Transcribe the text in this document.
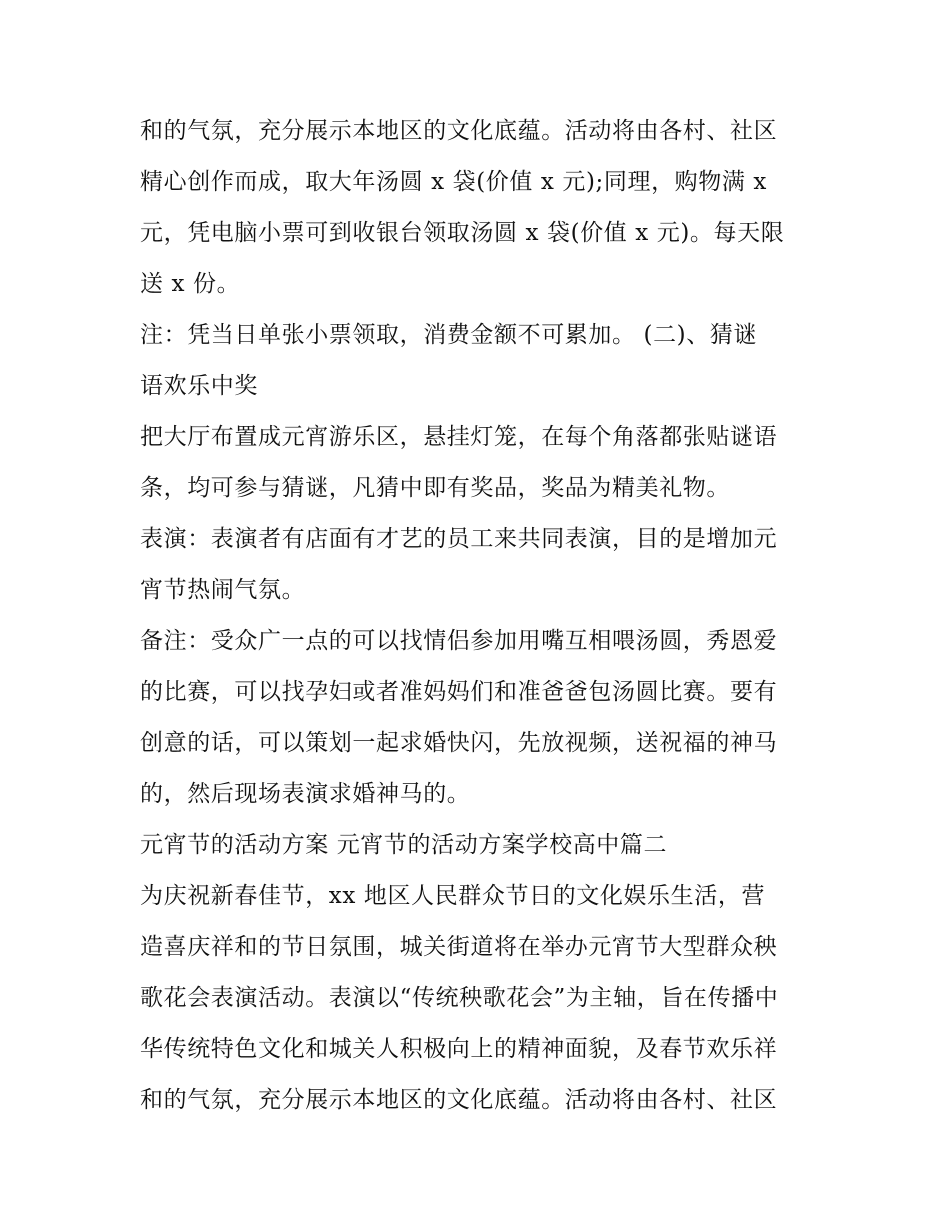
和的气氛，充分展示本地区的文化底蕴。活动将由各村、社区
精心创作而成，取大年汤圆 x 袋(价值 x 元);同理，购物满 x
元，凭电脑小票可到收银台领取汤圆 x 袋(价值 x 元)。每天限
送 x 份。
注：凭当日单张小票领取，消费金额不可累加。 (二)、猜谜
语欢乐中奖
把大厅布置成元宵游乐区，悬挂灯笼，在每个角落都张贴谜语
条，均可参与猜谜，凡猜中即有奖品，奖品为精美礼物。
表演：表演者有店面有才艺的员工来共同表演，目的是增加元
宵节热闹气氛。
备注：受众广一点的可以找情侣参加用嘴互相喂汤圆，秀恩爱
的比赛，可以找孕妇或者准妈妈们和准爸爸包汤圆比赛。要有
创意的话，可以策划一起求婚快闪，先放视频，送祝福的神马
的，然后现场表演求婚神马的。
元宵节的活动方案 元宵节的活动方案学校高中篇二
为庆祝新春佳节，xx 地区人民群众节日的文化娱乐生活，营
造喜庆祥和的节日氛围，城关街道将在举办元宵节大型群众秧
歌花会表演活动。表演以“传统秧歌花会”为主轴，旨在传播中
华传统特色文化和城关人积极向上的精神面貌，及春节欢乐祥
和的气氛，充分展示本地区的文化底蕴。活动将由各村、社区
